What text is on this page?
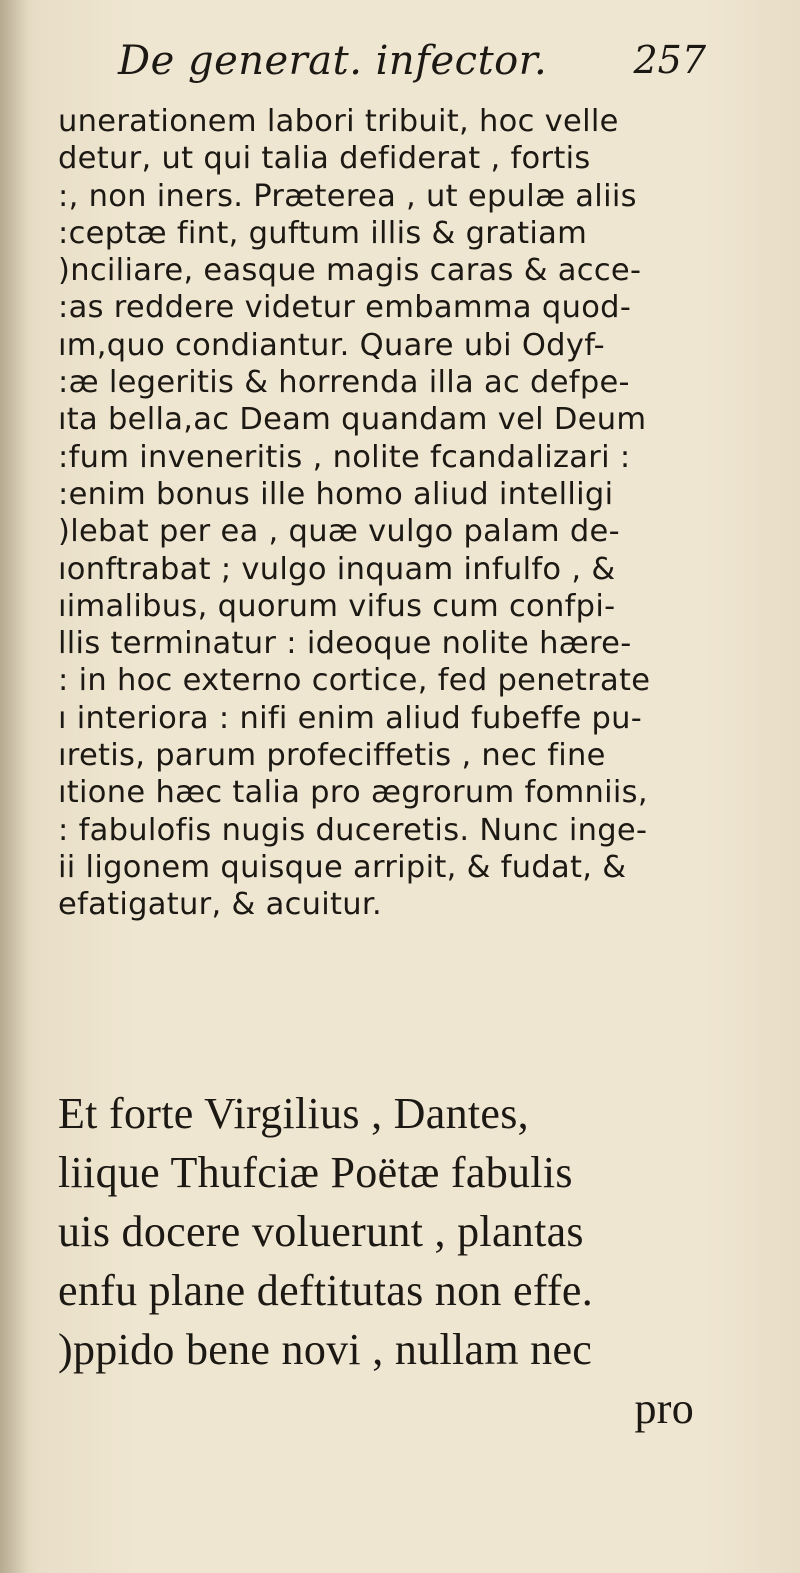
De generat. infector. 257
unerationem labori tribuit, hoc velle
detur, ut qui talia defiderat , fortis
:, non iners. Præterea , ut epulæ aliis
:ceptæ fint, guftum illis & gratiam
)nciliare, easque magis caras & acce-
:as reddere videtur embamma quod-
ım,quo condiantur. Quare ubi Odyf-
:æ legeritis & horrenda illa ac defpe-
ıta bella,ac Deam quandam vel Deum
:fum inveneritis , nolite fcandalizari :
:enim bonus ille homo aliud intelligi
)lebat per ea , quæ vulgo palam de-
ıonftrabat ; vulgo inquam infulfo , &
ıimalibus, quorum vifus cum confpi-
llis terminatur : ideoque nolite hære-
: in hoc externo cortice, fed penetrate
ı interiora : nifi enim aliud fubeffe pu-
ıretis, parum profeciffetis , nec fine
ıtione hæc talia pro ægrorum fomniis,
: fabulofis nugis duceretis. Nunc inge-
ii ligonem quisque arripit, & fudat, &
efatigatur, & acuitur.
Et forte Virgilius , Dantes,
liique Thufciæ Poëtæ fabulis
uis docere voluerunt , plantas
enfu plane deftitutas non effe.
)ppido bene novi , nullam nec
pro
